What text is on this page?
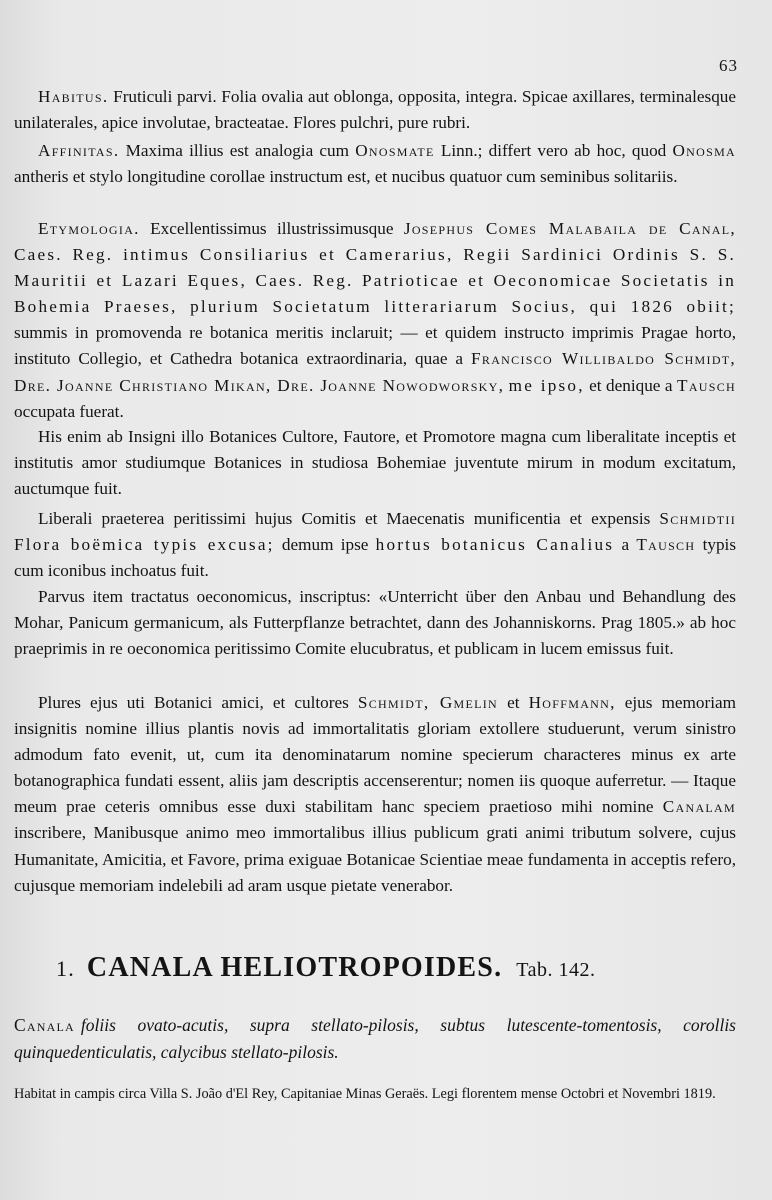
63
Habitus. Fruticuli parvi. Folia ovalia aut oblonga, opposita, integra. Spicae axillares, terminalesque unilaterales, apice involutae, bracteatae. Flores pulchri, pure rubri.
Affinitas. Maxima illius est analogia cum Onosmate Linn.; differt vero ab hoc, quod Onosma antheris et stylo longitudine corollae instructum est, et nucibus quatuor cum seminibus solitariis.
Etymologia. Excellentissimus illustrissimusque Josephus Comes Malabaila de Canal, Caes. Reg. intimus Consiliarius et Camerarius, Regii Sardinici Ordinis S. S. Mauritii et Lazari Eques, Caes. Reg. Patrioticae et Oeconomicae Societatis in Bohemia Praeses, plurium Societatum litterariarum Socius, qui 1826 obiit; summis in promovenda re botanica meritis inclaruit; — et quidem instructo imprimis Pragae horto, instituto Collegio, et Cathedra botanica extraordinaria, quae a Francisco Willibaldo Schmidt, Dre. Joanne Christiano Mikan, Dre. Joanne Nowodworsky, me ipso, et denique a Tausch occupata fuerat.
His enim ab Insigni illo Botanices Cultore, Fautore, et Promotore magna cum liberalitate inceptis et institutis amor studiumque Botanices in studiosa Bohemiae juventute mirum in modum excitatum, auctumque fuit.
Liberali praeterea peritissimi hujus Comitis et Maecenatis munificentia et expensis Schmidtii Flora boëmica typis excusa; demum ipse hortus botanicus Canalius a Tausch typis cum iconibus inchoatus fuit.
Parvus item tractatus oeconomicus, inscriptus: «Unterricht über den Anbau und Behandlung des Mohar, Panicum germanicum, als Futterpflanze betrachtet, dann des Johanniskorns. Prag 1805.» ab hoc praeprimis in re oeconomica peritissimo Comite elucubratus, et publicam in lucem emissus fuit.
Plures ejus uti Botanici amici, et cultores Schmidt, Gmelin et Hoffmann, ejus memoriam insignitis nomine illius plantis novis ad immortalitatis gloriam extollere studuerunt, verum sinistro admodum fato evenit, ut, cum ita denominatarum nomine specierum characteres minus ex arte botanographica fundati essent, aliis jam descriptis accenserentur; nomen iis quoque auferretur. — Itaque meum prae ceteris omnibus esse duxi stabilitam hanc speciem praetioso mihi nomine Canalam inscribere, Manibusque animo meo immortalibus illius publicum grati animi tributum solvere, cujus Humanitate, Amicitia, et Favore, prima exiguae Botanicae Scientiae meae fundamenta in acceptis refero, cujusque memoriam indelebili ad aram usque pietate venerabor.
1. CANALA HELIOTROPOIDES. Tab. 142.
Canala foliis ovato-acutis, supra stellato-pilosis, subtus lutescente-tomentosis, corollis quinquedenticulatis, calycibus stellato-pilosis.
Habitat in campis circa Villa S. João d'El Rey, Capitaniae Minas Geraës. Legi florentem mense Octobri et Novembri 1819.
